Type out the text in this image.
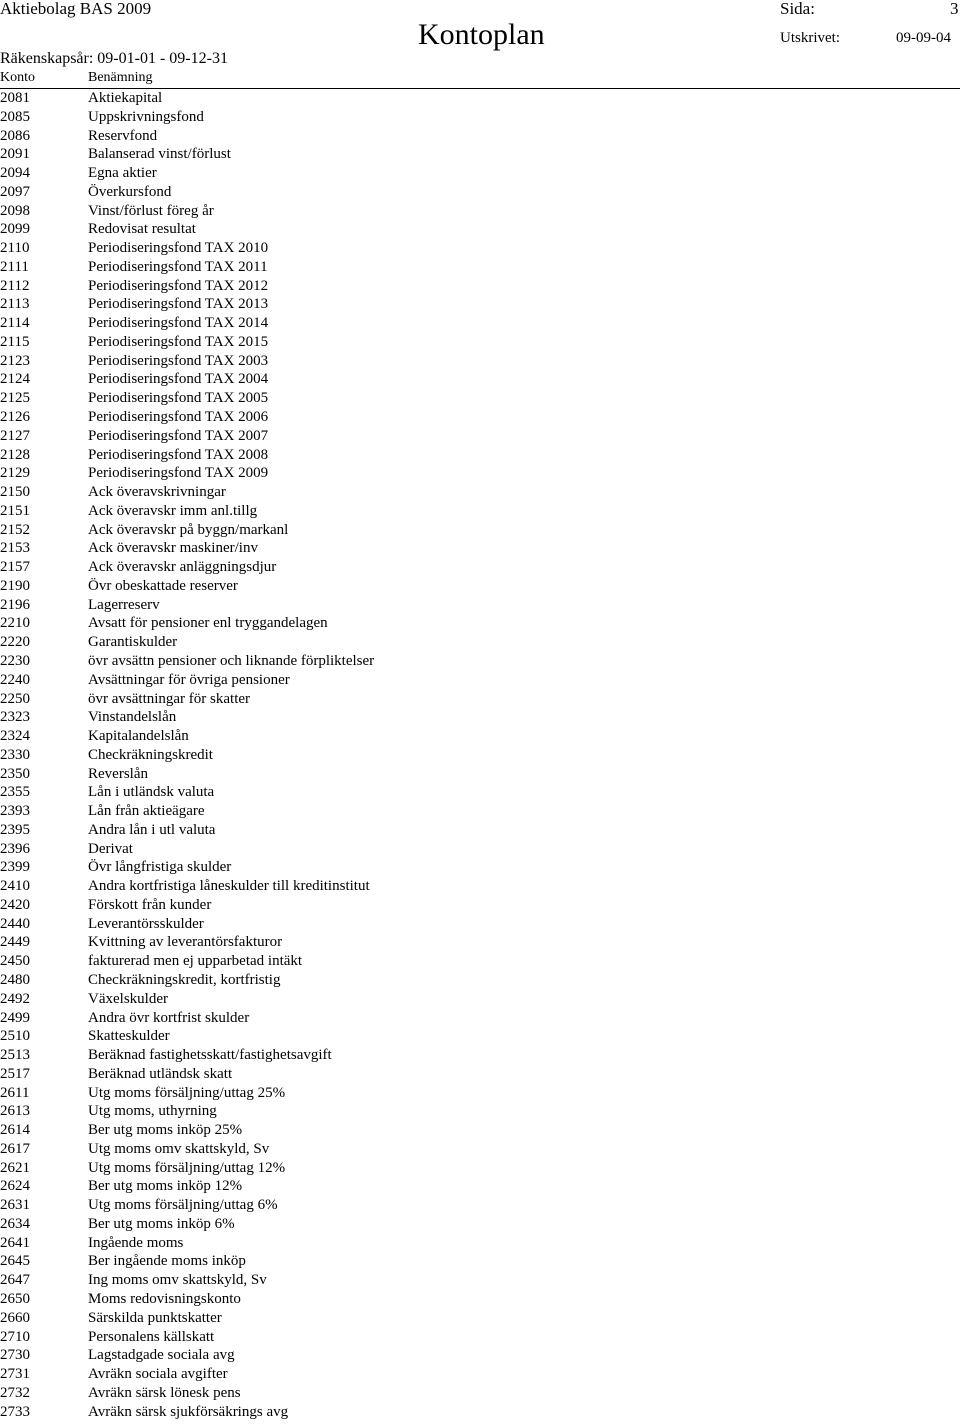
Aktiebolag BAS 2009	Sida:	3
Kontoplan	Utskrivet:	09-09-04
Räkenskapsår: 09-01-01 - 09-12-31
Konto	Benämning
2081	Aktiekapital
2085	Uppskrivningsfond
2086	Reservfond
2091	Balanserad vinst/förlust
2094	Egna aktier
2097	Överkursfond
2098	Vinst/förlust föreg år
2099	Redovisat resultat
2110	Periodiseringsfond TAX 2010
2111	Periodiseringsfond TAX 2011
2112	Periodiseringsfond TAX 2012
2113	Periodiseringsfond TAX 2013
2114	Periodiseringsfond TAX 2014
2115	Periodiseringsfond TAX 2015
2123	Periodiseringsfond TAX 2003
2124	Periodiseringsfond TAX 2004
2125	Periodiseringsfond TAX 2005
2126	Periodiseringsfond TAX 2006
2127	Periodiseringsfond TAX 2007
2128	Periodiseringsfond TAX 2008
2129	Periodiseringsfond TAX 2009
2150	Ack överavskrivningar
2151	Ack överavskr imm anl.tillg
2152	Ack överavskr på byggn/markanl
2153	Ack överavskr maskiner/inv
2157	Ack överavskr anläggningsdjur
2190	Övr obeskattade reserver
2196	Lagerreserv
2210	Avsatt för pensioner enl tryggandelagen
2220	Garantiskulder
2230	övr avsättn pensioner och liknande förpliktelser
2240	Avsättningar för övriga pensioner
2250	övr avsättningar för skatter
2323	Vinstandelslån
2324	Kapitalandelslån
2330	Checkräkningskredit
2350	Reverslån
2355	Lån i utländsk valuta
2393	Lån från aktieägare
2395	Andra lån i utl valuta
2396	Derivat
2399	Övr långfristiga skulder
2410	Andra kortfristiga låneskulder till kreditinstitut
2420	Förskott från kunder
2440	Leverantörsskulder
2449	Kvittning av leverantörsfakturor
2450	fakturerad men ej upparbetad intäkt
2480	Checkräkningskredit, kortfristig
2492	Växelskulder
2499	Andra övr kortfrist skulder
2510	Skatteskulder
2513	Beräknad fastighetsskatt/fastighetsavgift
2517	Beräknad utländsk skatt
2611	Utg moms försäljning/uttag 25%
2613	Utg moms, uthyrning
2614	Ber utg moms inköp 25%
2617	Utg moms omv skattskyld, Sv
2621	Utg moms försäljning/uttag 12%
2624	Ber utg moms inköp 12%
2631	Utg moms försäljning/uttag 6%
2634	Ber utg moms inköp 6%
2641	Ingående moms
2645	Ber ingående moms inköp
2647	Ing moms omv skattskyld, Sv
2650	Moms redovisningskonto
2660	Särskilda punktskatter
2710	Personalens källskatt
2730	Lagstadgade sociala avg
2731	Avräkn sociala avgifter
2732	Avräkn särsk lönesk pens
2733	Avräkn särsk sjukförsäkrings avg
